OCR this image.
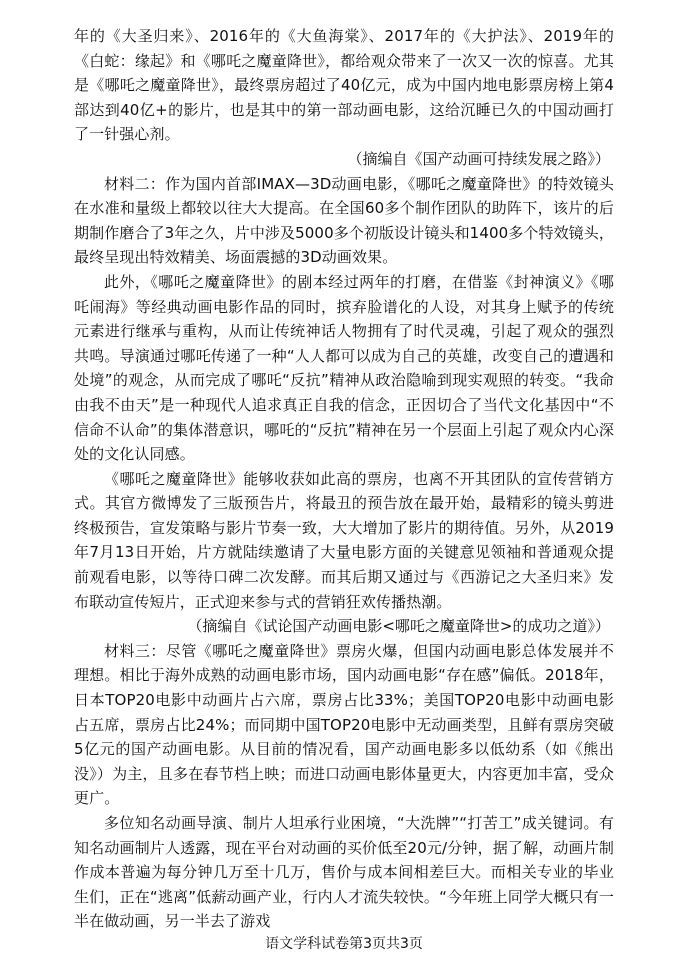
年的《大圣归来》、2016年的《大鱼海棠》、2017年的《大护法》、2019年的《白蛇：缘起》和《哪吒之魔童降世》，都给观众带来了一次又一次的惊喜。尤其是《哪吒之魔童降世》，最终票房超过了40亿元，成为中国内地电影票房榜上第4部达到40亿+的影片，也是其中的第一部动画电影，这给沉睡已久的中国动画打了一针强心剂。

（摘编自《国产动画可持续发展之路》）

材料二：作为国内首部IMAX—3D动画电影，《哪吒之魔童降世》的特效镜头在水准和量级上都较以往大大提高。在全国60多个制作团队的助阵下，该片的后期制作磨合了3年之久，片中涉及5000多个初版设计镜头和1400多个特效镜头，最终呈现出特效精美、场面震撼的3D动画效果。

此外，《哪吒之魔童降世》的剧本经过两年的打磨，在借鉴《封神演义》《哪吒闹海》等经典动画电影作品的同时，摈弃脸谱化的人设，对其身上赋予的传统元素进行继承与重构，从而让传统神话人物拥有了时代灵魂，引起了观众的强烈共鸣。导演通过哪吒传递了一种“人人都可以成为自己的英雄，改变自己的遭遇和处境”的观念，从而完成了哪吒“反抗”精神从政治隐喻到现实观照的转变。“我命由我不由天”是一种现代人追求真正自我的信念，正因切合了当代文化基因中“不信命不认命”的集体潜意识，哪吒的“反抗”精神在另一个层面上引起了观众内心深处的文化认同感。

《哪吒之魔童降世》能够收获如此高的票房，也离不开其团队的宣传营销方式。其官方微博发了三版预告片，将最丑的预告放在最开始，最精彩的镜头剪进终极预告，宣发策略与影片节奏一致，大大增加了影片的期待值。另外，从2019年7月13日开始，片方就陆续邀请了大量电影方面的关键意见领袖和普通观众提前观看电影，以等待口碑二次发酵。而其后期又通过与《西游记之大圣归来》发布联动宣传短片，正式迎来参与式的营销狂欢传播热潮。

（摘编自《试论国产动画电影<哪吒之魔童降世>的成功之道》）

材料三：尽管《哪吒之魔童降世》票房火爆，但国内动画电影总体发展并不理想。相比于海外成熟的动画电影市场，国内动画电影“存在感”偏低。2018年，日本TOP20电影中动画片占六席，票房占比33%；美国TOP20电影中动画电影占五席，票房占比24%；而同期中国TOP20电影中无动画类型，且鲜有票房突破5亿元的国产动画电影。从目前的情况看，国产动画电影多以低幼系（如《熊出没》）为主，且多在春节档上映；而进口动画电影体量更大，内容更加丰富，受众更广。

多位知名动画导演、制片人坦承行业困境，“大洗牌”“打苦工”成关键词。有知名动画制片人透露，现在平台对动画的买价低至20元/分钟，据了解，动画片制作成本普遍为每分钟几万至十几万，售价与成本间相差巨大。而相关专业的毕业生们，正在“逃离”低薪动画产业，行内人才流失较快。“今年班上同学大概只有一半在做动画，另一半去了游戏

语文学科试卷第3页共3页
